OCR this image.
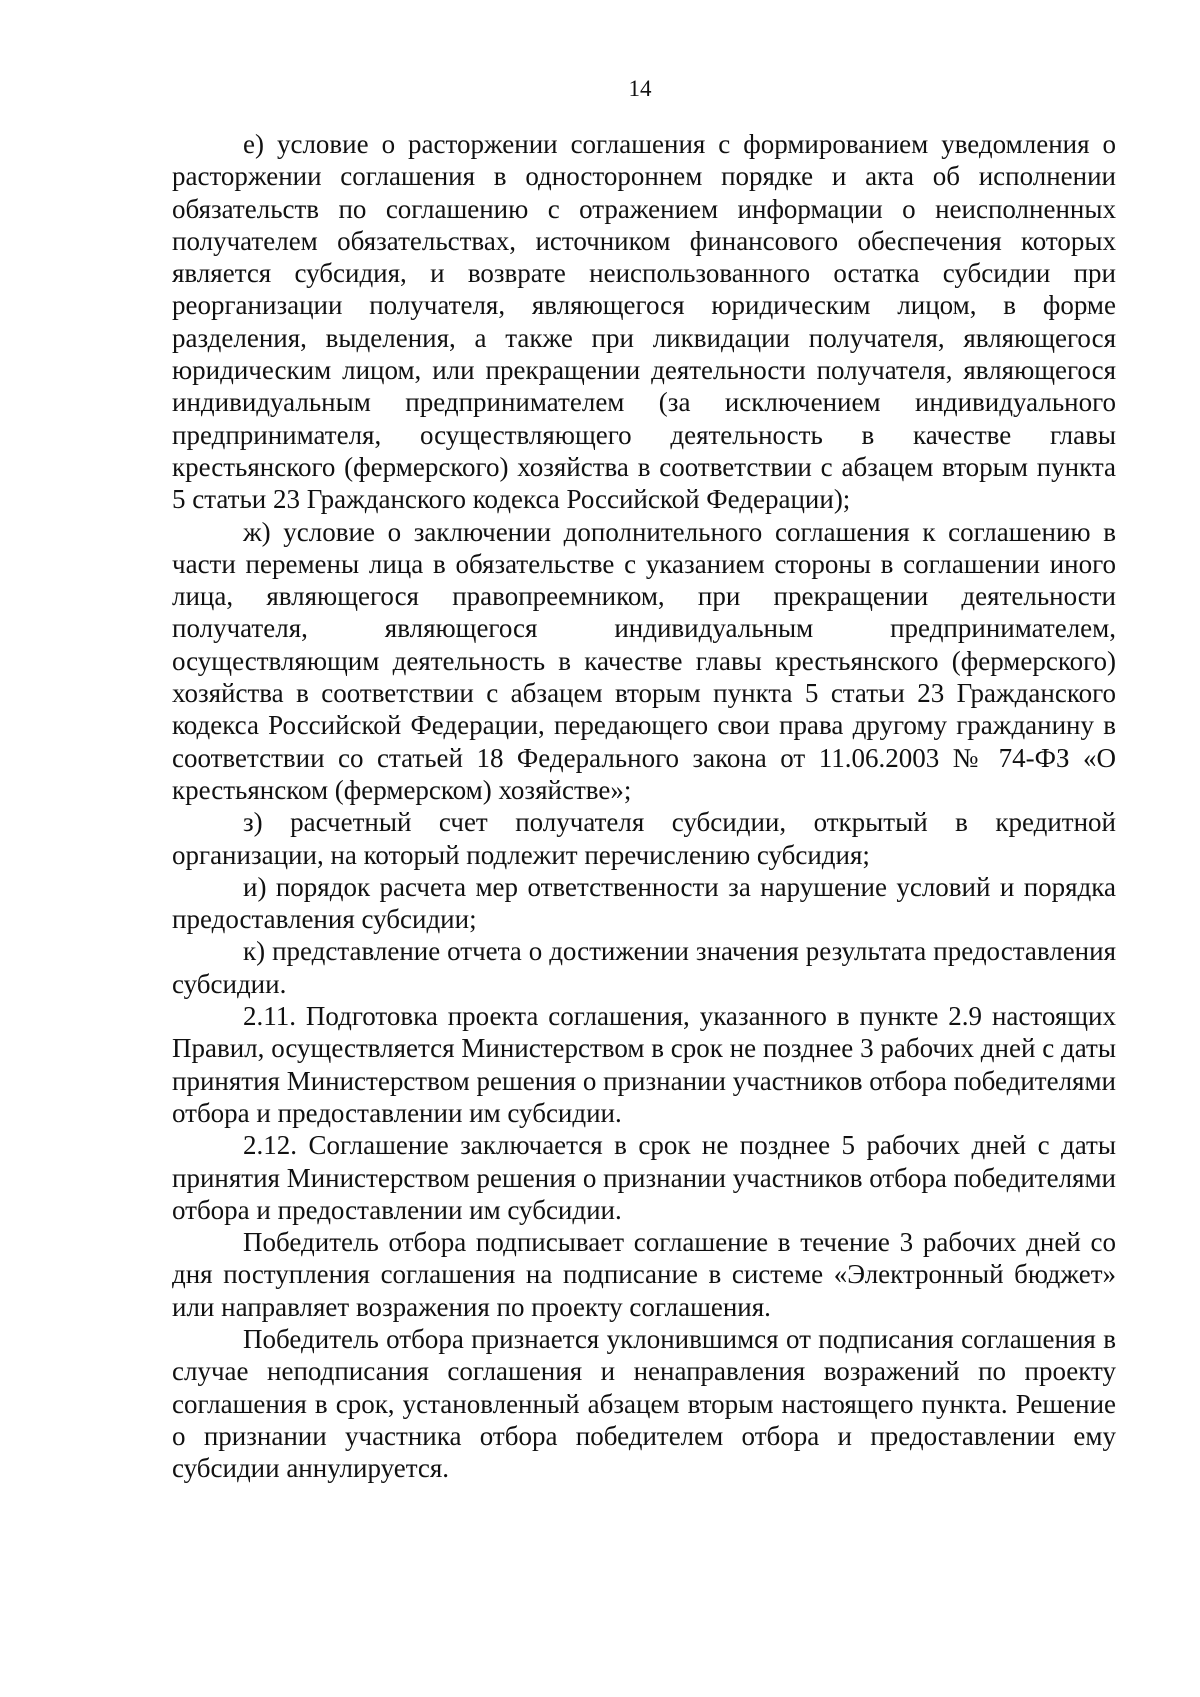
14

е) условие о расторжении соглашения с формированием уведомления о расторжении соглашения в одностороннем порядке и акта об исполнении обязательств по соглашению с отражением информации о неисполненных получателем обязательствах, источником финансового обеспечения которых является субсидия, и возврате неиспользованного остатка субсидии при реорганизации получателя, являющегося юридическим лицом, в форме разделения, выделения, а также при ликвидации получателя, являющегося юридическим лицом, или прекращении деятельности получателя, являющегося индивидуальным предпринимателем (за исключением индивидуального предпринимателя, осуществляющего деятельность в качестве главы крестьянского (фермерского) хозяйства в соответствии с абзацем вторым пункта 5 статьи 23 Гражданского кодекса Российской Федерации);

ж) условие о заключении дополнительного соглашения к соглашению в части перемены лица в обязательстве с указанием стороны в соглашении иного лица, являющегося правопреемником, при прекращении деятельности получателя, являющегося индивидуальным предпринимателем, осуществляющим деятельность в качестве главы крестьянского (фермерского) хозяйства в соответствии с абзацем вторым пункта 5 статьи 23 Гражданского кодекса Российской Федерации, передающего свои права другому гражданину в соответствии со статьей 18 Федерального закона от 11.06.2003 № 74-ФЗ «О крестьянском (фермерском) хозяйстве»;

з) расчетный счет получателя субсидии, открытый в кредитной организации, на который подлежит перечислению субсидия;

и) порядок расчета мер ответственности за нарушение условий и порядка предоставления субсидии;

к) представление отчета о достижении значения результата предоставления субсидии.

2.11. Подготовка проекта соглашения, указанного в пункте 2.9 настоящих Правил, осуществляется Министерством в срок не позднее 3 рабочих дней с даты принятия Министерством решения о признании участников отбора победителями отбора и предоставлении им субсидии.

2.12. Соглашение заключается в срок не позднее 5 рабочих дней с даты принятия Министерством решения о признании участников отбора победителями отбора и предоставлении им субсидии.

Победитель отбора подписывает соглашение в течение 3 рабочих дней со дня поступления соглашения на подписание в системе «Электронный бюджет» или направляет возражения по проекту соглашения.

Победитель отбора признается уклонившимся от подписания соглашения в случае неподписания соглашения и ненаправления возражений по проекту соглашения в срок, установленный абзацем вторым настоящего пункта. Решение о признании участника отбора победителем отбора и предоставлении ему субсидии аннулируется.
